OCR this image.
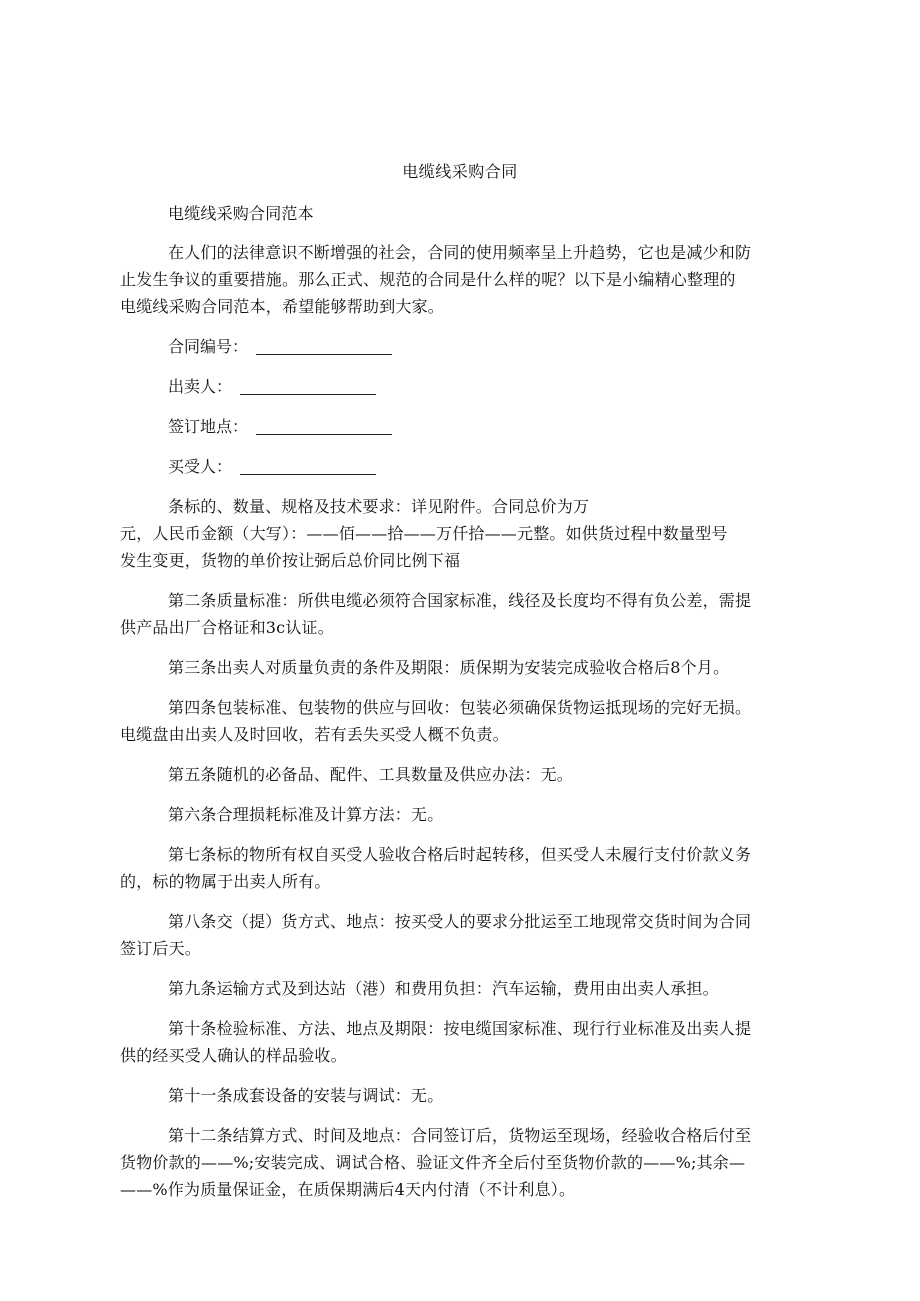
电缆线采购合同

电缆线采购合同范本

在人们的法律意识不断增强的社会，合同的使用频率呈上升趋势，它也是减少和防
止发生争议的重要措施。那么正式、规范的合同是什么样的呢？以下是小编精心整理的
电缆线采购合同范本，希望能够帮助到大家。

合同编号：
出卖人：
签订地点：
买受人：

条标的、数量、规格及技术要求：详见附件。合同总价为万
元，人民币金额（大写）：——佰——拾——万仟拾——元整。如供货过程中数量型号
发生变更，货物的单价按让弼后总价同比例下福

第二条质量标准：所供电缆必须符合国家标准，线径及长度均不得有负公差，需提
供产品出厂合格证和3c认证。

第三条出卖人对质量负责的条件及期限：质保期为安装完成验收合格后8个月。

第四条包装标准、包装物的供应与回收：包装必须确保货物运抵现场的完好无损。
电缆盘由出卖人及时回收，若有丢失买受人概不负责。

第五条随机的必备品、配件、工具数量及供应办法：无。

第六条合理损耗标准及计算方法：无。

第七条标的物所有权自买受人验收合格后时起转移，但买受人未履行支付价款义务
的，标的物属于出卖人所有。

第八条交（提）货方式、地点：按买受人的要求分批运至工地现常交货时间为合同
签订后天。

第九条运输方式及到达站（港）和费用负担：汽车运输，费用由出卖人承担。

第十条检验标准、方法、地点及期限：按电缆国家标准、现行行业标准及出卖人提
供的经买受人确认的样品验收。

第十一条成套设备的安装与调试：无。

第十二条结算方式、时间及地点：合同签订后，货物运至现场，经验收合格后付至
货物价款的——%;安装完成、调试合格、验证文件齐全后付至货物价款的——%;其余—
——%作为质量保证金，在质保期满后4天内付清（不计利息）。
